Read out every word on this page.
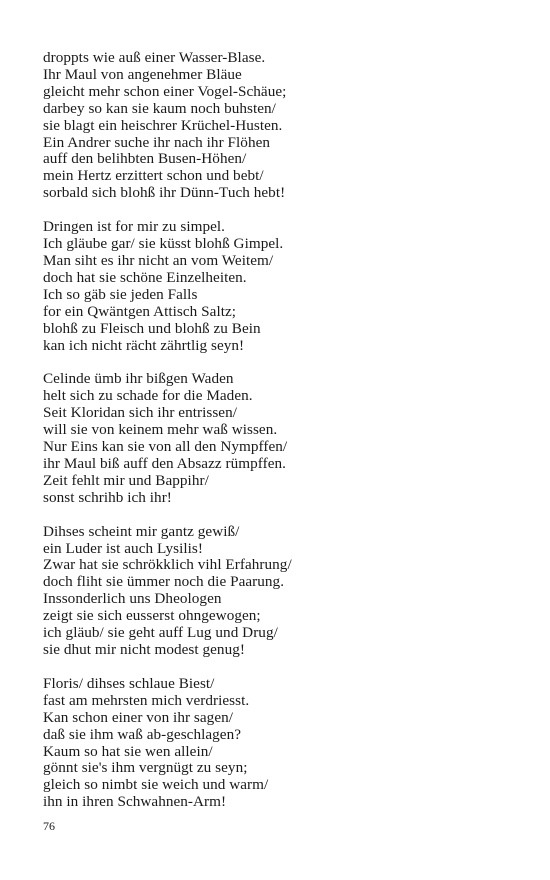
droppts wie auß einer Wasser-Blase.
Ihr Maul von angenehmer Bläue
gleicht mehr schon einer Vogel-Schäue;
darbey so kan sie kaum noch buhsten/
sie blagt ein heischrer Krüchel-Husten.
Ein Andrer suche ihr nach ihr Flöhen
auff den belihbten Busen-Höhen/
mein Hertz erzittert schon und bebt/
sorbald sich blohß ihr Dünn-Tuch hebt!
Dringen ist for mir zu simpel.
Ich gläube gar/ sie küsst blohß Gimpel.
Man siht es ihr nicht an vom Weitem/
doch hat sie schöne Einzelheiten.
Ich so gäb sie jeden Falls
for ein Qwäntgen Attisch Saltz;
blohß zu Fleisch und blohß zu Bein
kan ich nicht rächt zährtlig seyn!
Celinde ümb ihr bißgen Waden
helt sich zu schade for die Maden.
Seit Kloridan sich ihr entrissen/
will sie von keinem mehr waß wissen.
Nur Eins kan sie von all den Nympffen/
ihr Maul biß auff den Absazz rümpffen.
Zeit fehlt mir und Bappihr/
sonst schrihb ich ihr!
Dihses scheint mir gantz gewiß/
ein Luder ist auch Lysilis!
Zwar hat sie schrökklich vihl Erfahrung/
doch fliht sie ümmer noch die Paarung.
Inssonderlich uns Dheologen
zeigt sie sich eusserst ohngewogen;
ich gläub/ sie geht auff Lug und Drug/
sie dhut mir nicht modest genug!
Floris/ dihses schlaue Biest/
fast am mehrsten mich verdriesst.
Kan schon einer von ihr sagen/
daß sie ihm waß ab-geschlagen?
Kaum so hat sie wen allein/
gönnt sie's ihm vergnügt zu seyn;
gleich so nimbt sie weich und warm/
ihn in ihren Schwahnen-Arm!
76
